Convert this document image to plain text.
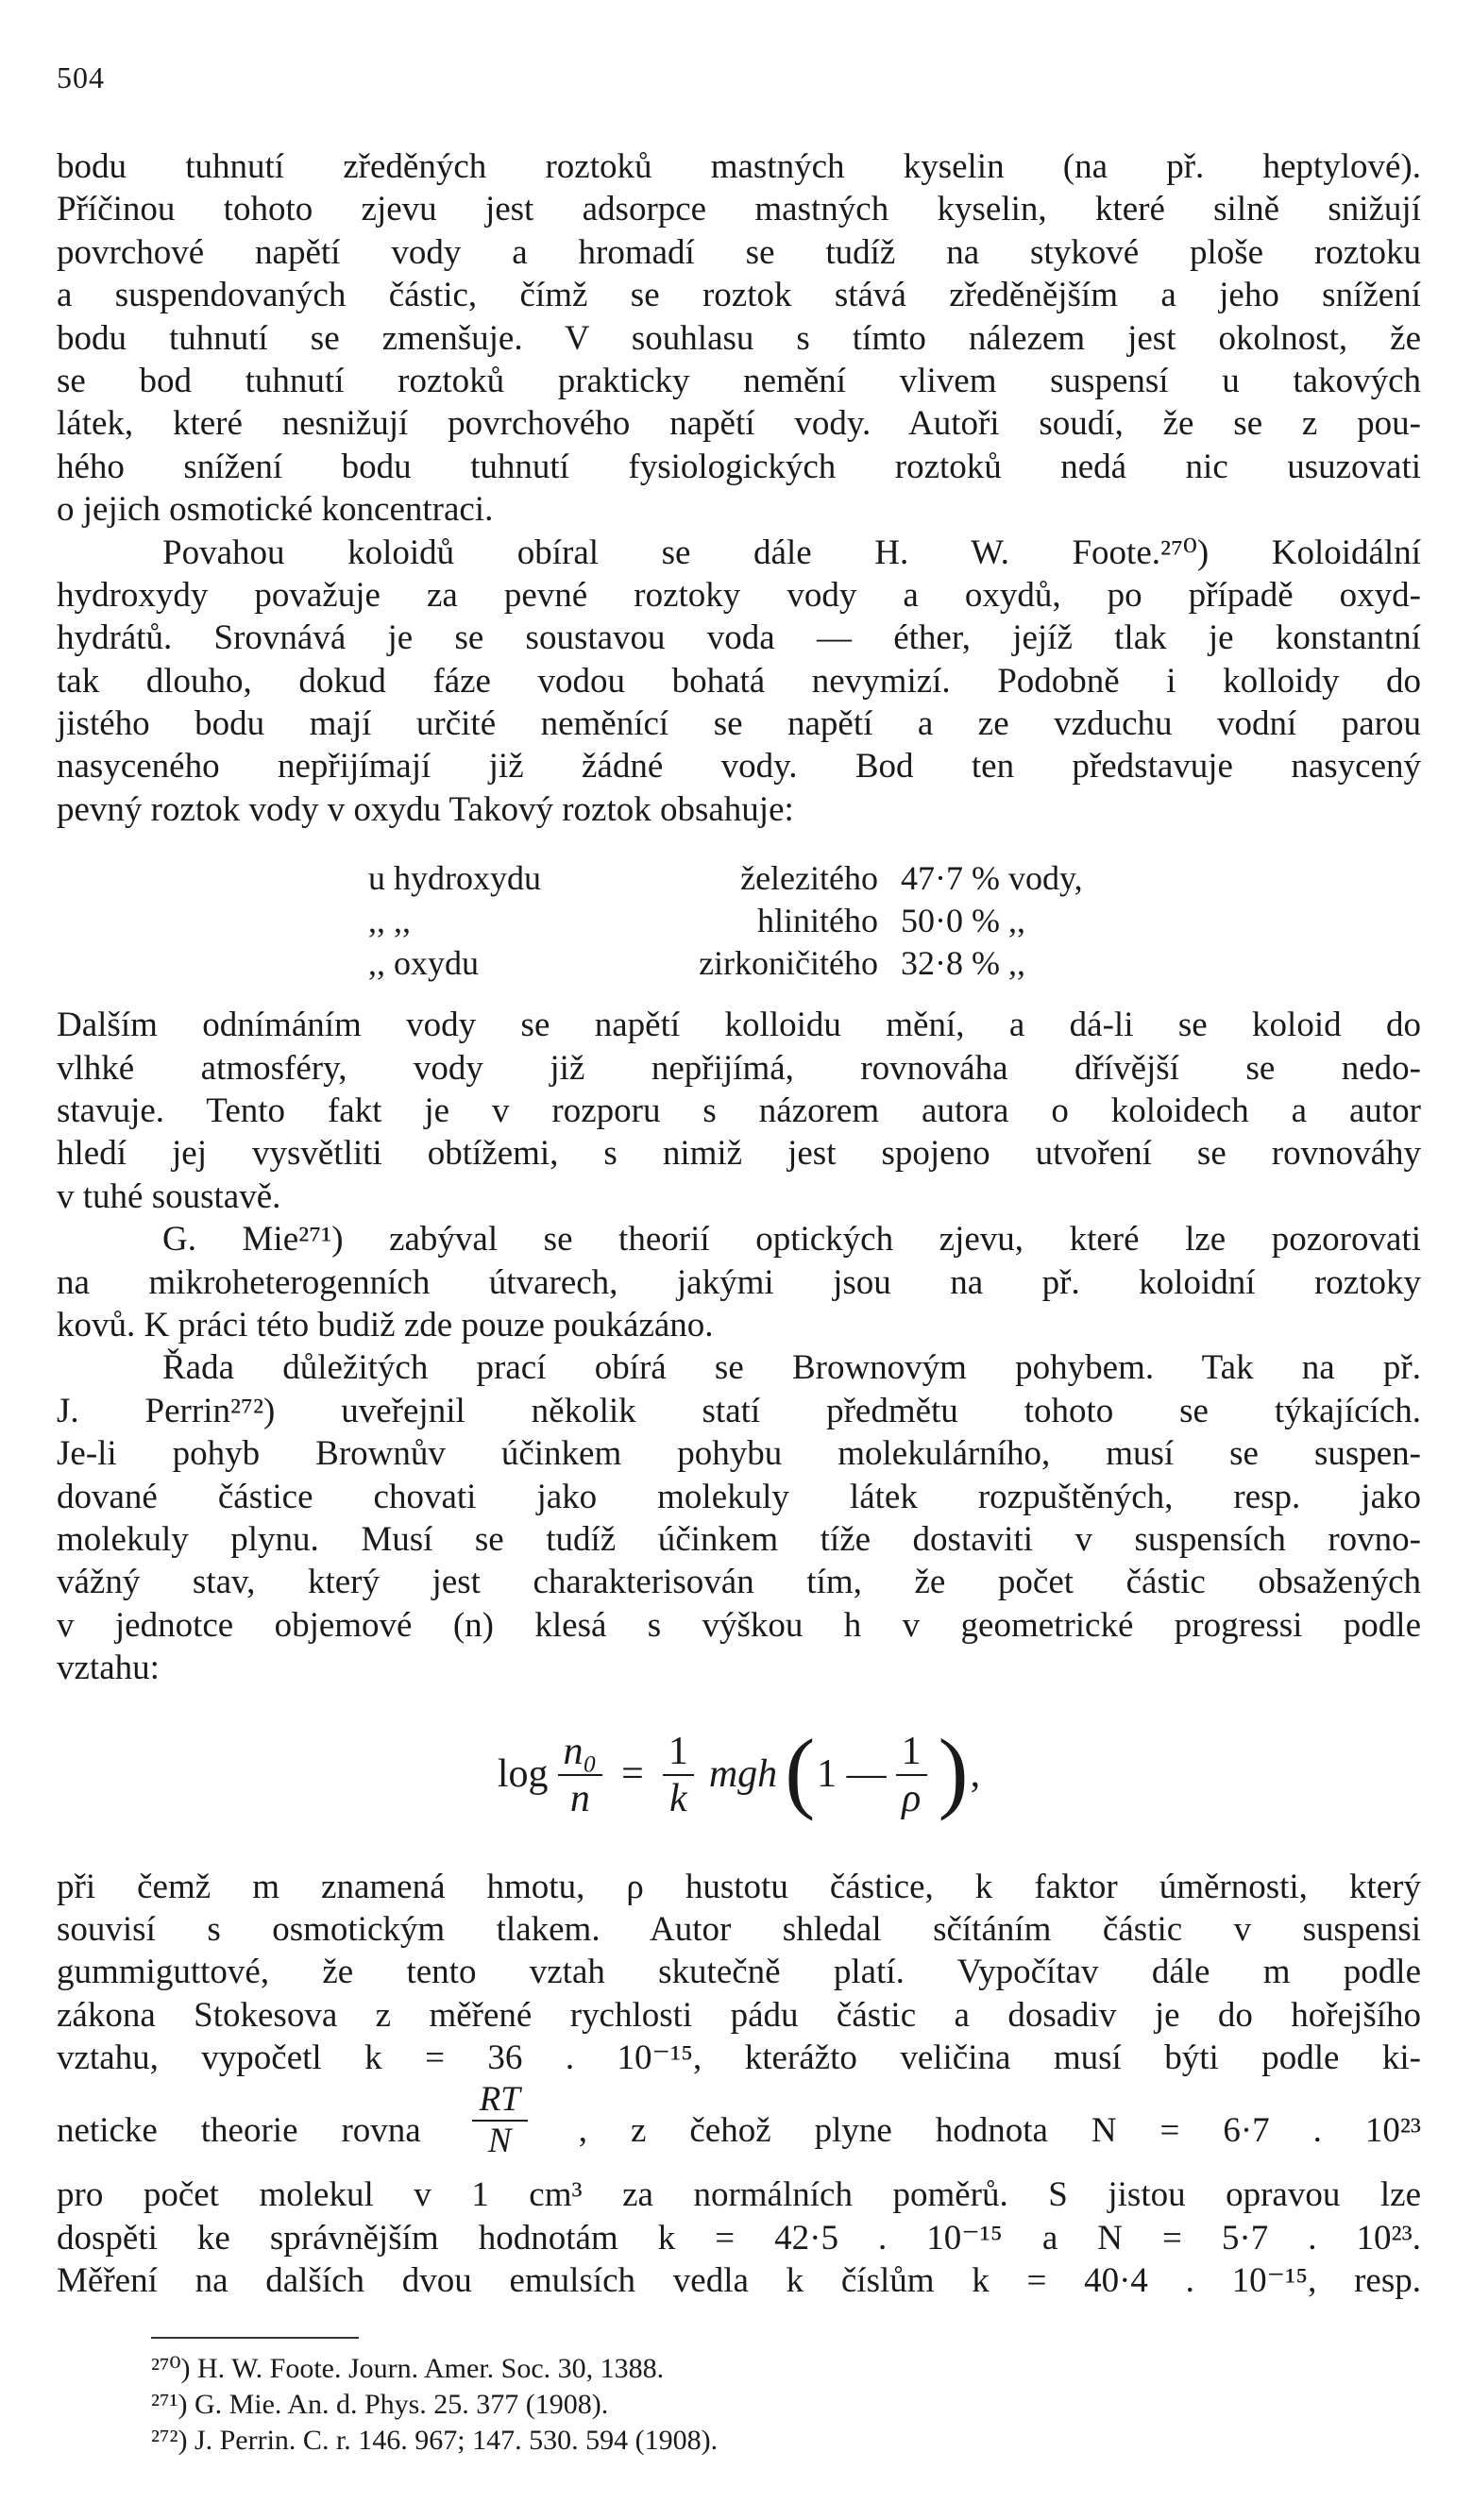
504
bodu tuhnutí zředěných roztoků mastných kyselin (na př. heptylové).
Příčinou tohoto zjevu jest adsorpce mastných kyselin, které silně snižují
povrchové napětí vody a hromadí se tudíž na stykové ploše roztoku
a suspendovaných částic, čímž se roztok stává zředěnějším a jeho snížení
bodu tuhnutí se zmenšuje. V souhlasu s tímto nálezem jest okolnost, že
se bod tuhnutí roztoků prakticky nemění vlivem suspensí u takových
látek, které nesnižují povrchového napětí vody. Autoři soudí, že se z pou-
hého snížení bodu tuhnutí fysiologických roztoků nedá nic usuzovati
o jejich osmotické koncentraci.
Povahou koloidů obíral se dále H. W. Foote.²⁷⁰) Koloidální
hydroxydy považuje za pevné roztoky vody a oxydů, po případě oxyd-
hydrátů. Srovnává je se soustavou voda — éther, jejíž tlak je konstantní
tak dlouho, dokud fáze vodou bohatá nevymizí. Podobně i kolloidy do
jistého bodu mají určité neměnící se napětí a ze vzduchu vodní parou
nasyceného nepřijímají již žádné vody. Bod ten představuje nasycený
pevný roztok vody v oxydu Takový roztok obsahuje:
u hydroxydu	železitého 47·7 % vody,
,, ,,	hlinitého 50·0 % ,,
,, oxydu	zirkoničitého 32·8 % ,,
Dalším odnímáním vody se napětí kolloidu mění, a dá-li se koloid do
vlhké atmosféry, vody již nepřijímá, rovnováha dřívější se nedo-
stavuje. Tento fakt je v rozporu s názorem autora o koloidech a autor
hledí jej vysvětliti obtížemi, s nimiž jest spojeno utvoření se rovnováhy
v tuhé soustavě.
G. Mie²⁷¹) zabýval se theorií optických zjevu, které lze pozorovati
na mikroheterogenních útvarech, jakými jsou na př. koloidní roztoky
kovů. K práci této budiž zde pouze poukázáno.
Řada důležitých prací obírá se Brownovým pohybem. Tak na př.
J. Perrin²⁷²) uveřejnil několik statí předmětu tohoto se týkajících.
Je-li pohyb Brownův účinkem pohybu molekulárního, musí se suspen-
dované částice chovati jako molekuly látek rozpuštěných, resp. jako
molekuly plynu. Musí se tudíž účinkem tíže dostaviti v suspensích rovno-
vážný stav, který jest charakterisován tím, že počet částic obsažených
v jednotce objemové (n) klesá s výškou h v geometrické progressi podle
vztahu:
$\log \frac{\text{n₀}}{n} = \frac{1}{k}$ mgh ( 1 — $\frac{1}{\rho}$ ) ,
při čemž m znamená hmotu, ρ hustotu částice, k faktor úměrnosti, který
souvisí s osmotickým tlakem. Autor shledal sčítáním částic v suspensi
gummiguttové, že tento vztah skutečně platí. Vypočítav dále m podle
zákona Stokesova z měřené rychlosti pádu částic a dosadiv je do hořejšího
vztahu, vypočetl k = 36 . 10⁻¹⁵, kterážto veličina musí býti podle ki-
neticke theorie rovna $\frac{RT}{N}$ , z čehož plyne hodnota N = 6·7 . 10²³
pro počet molekul v 1 cm³ za normálních poměrů. S jistou opravou lze
dospěti ke správnějším hodnotám k = 42·5 . 10⁻¹⁵ a N = 5·7 . 10²³.
Měření na dalších dvou emulsích vedla k číslům k = 40·4 . 10⁻¹⁵, resp.
²⁷⁰) H. W. Foote. Journ. Amer. Soc. 30, 1388.
²⁷¹) G. Mie. An. d. Phys. 25. 377 (1908).
²⁷²) J. Perrin. C. r. 146. 967; 147. 530. 594 (1908).
